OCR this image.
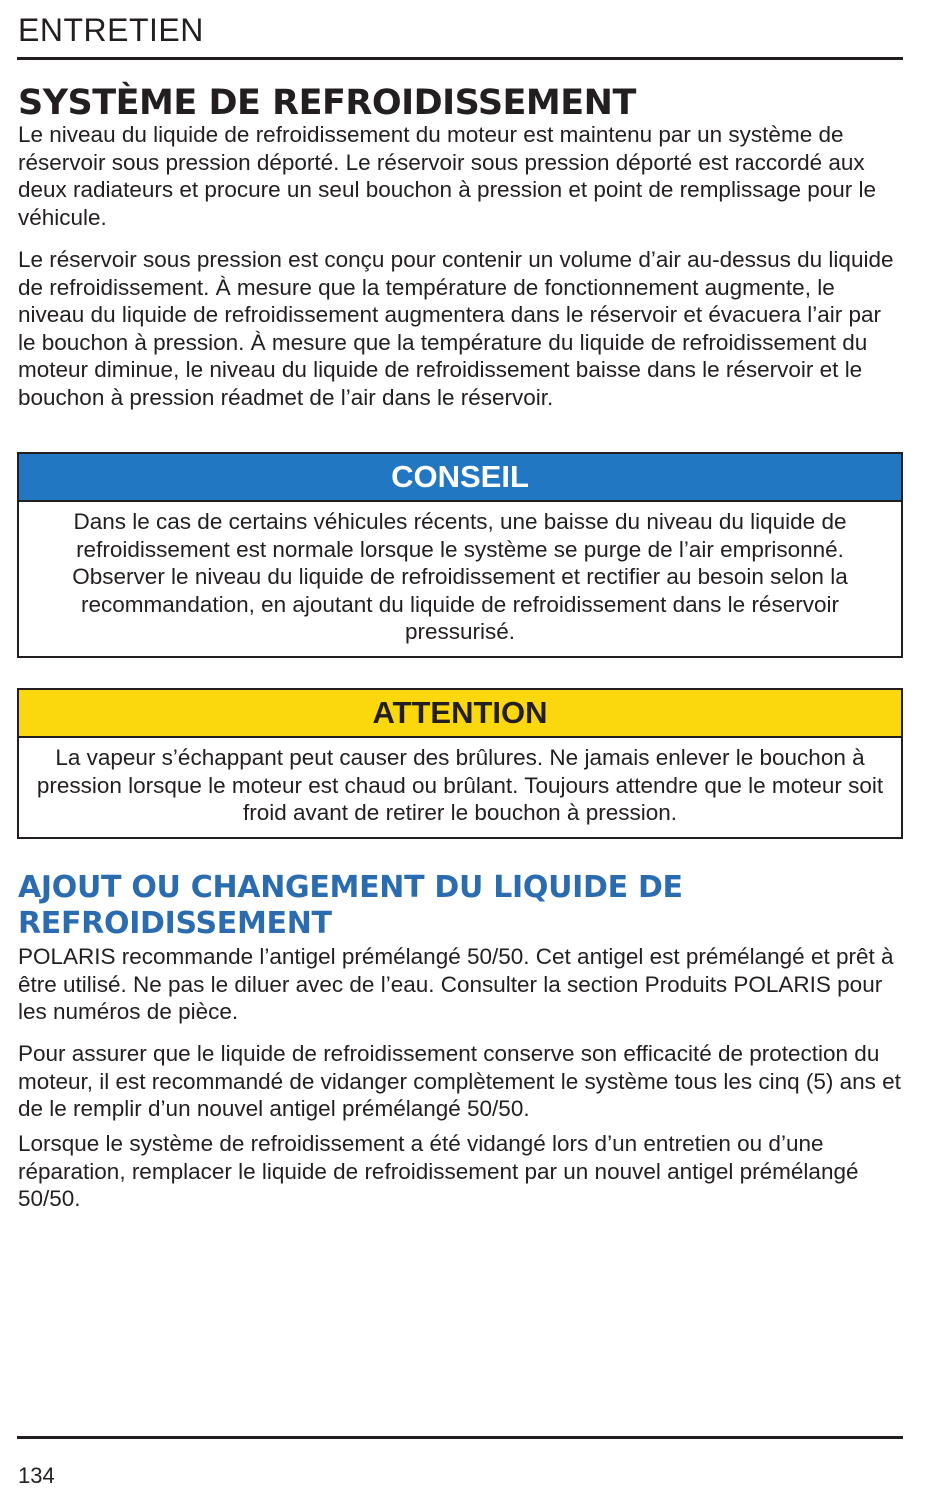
ENTRETIEN
SYSTÈME DE REFROIDISSEMENT

Le niveau du liquide de refroidissement du moteur est maintenu par un système de réservoir sous pression déporté. Le réservoir sous pression déporté est raccordé aux deux radiateurs et procure un seul bouchon à pression et point de remplissage pour le véhicule.

Le réservoir sous pression est conçu pour contenir un volume d’air au-dessus du liquide de refroidissement. À mesure que la température de fonctionnement augmente, le niveau du liquide de refroidissement augmentera dans le réservoir et évacuera l’air par le bouchon à pression. À mesure que la température du liquide de refroidissement du moteur diminue, le niveau du liquide de refroidissement baisse dans le réservoir et le bouchon à pression réadmet de l’air dans le réservoir.

CONSEIL
Dans le cas de certains véhicules récents, une baisse du niveau du liquide de refroidissement est normale lorsque le système se purge de l’air emprisonné. Observer le niveau du liquide de refroidissement et rectifier au besoin selon la recommandation, en ajoutant du liquide de refroidissement dans le réservoir pressurisé.
ATTENTION
La vapeur s’échappant peut causer des brûlures. Ne jamais enlever le bouchon à pression lorsque le moteur est chaud ou brûlant. Toujours attendre que le moteur soit froid avant de retirer le bouchon à pression.
AJOUT OU CHANGEMENT DU LIQUIDE DE REFROIDISSEMENT

POLARIS recommande l’antigel prémélangé 50/50. Cet antigel est prémélangé et prêt à être utilisé. Ne pas le diluer avec de l’eau. Consulter la section Produits POLARIS pour les numéros de pièce.

Pour assurer que le liquide de refroidissement conserve son efficacité de protection du moteur, il est recommandé de vidanger complètement le système tous les cinq (5) ans et de le remplir d’un nouvel antigel prémélangé 50/50.

Lorsque le système de refroidissement a été vidangé lors d’un entretien ou d’une réparation, remplacer le liquide de refroidissement par un nouvel antigel prémélangé 50/50.

134
